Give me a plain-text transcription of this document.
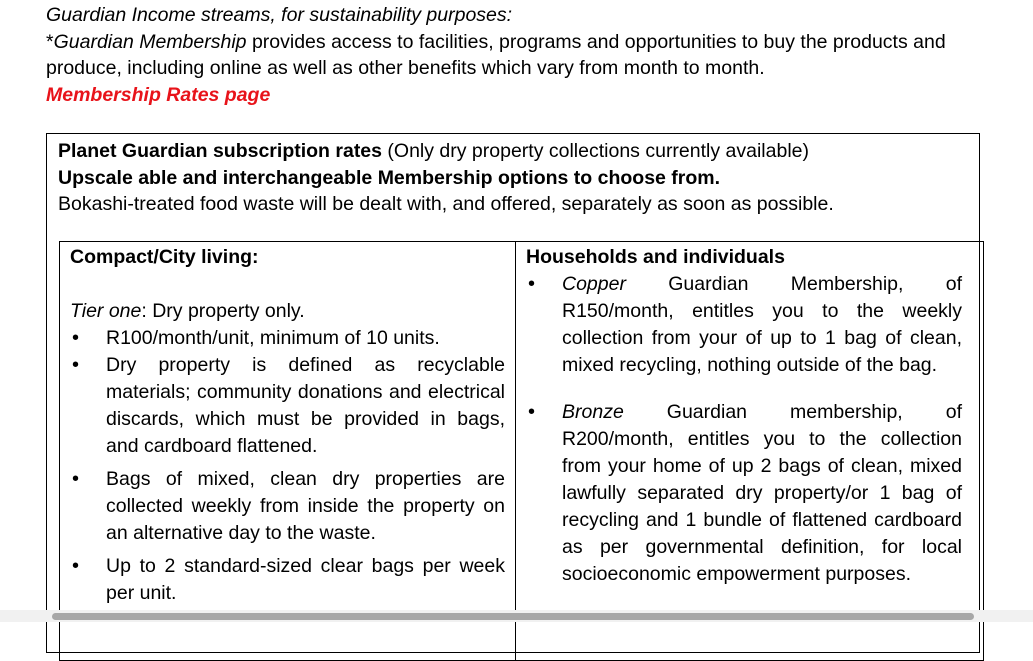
Guardian Income streams, for sustainability purposes:

*Guardian Membership provides access to facilities, programs and opportunities to buy the products and produce, including online as well as other benefits which vary from month to month.

Membership Rates page

Planet Guardian subscription rates (Only dry property collections currently available)

Upscale able and interchangeable Membership options to choose from.

Bokashi-treated food waste will be dealt with, and offered, separately as soon as possible.

Compact/City living:
Tier one: Dry property only.
• R100/month/unit, minimum of 10 units.
• Dry property is defined as recyclable materials; community donations and electrical discards, which must be provided in bags, and cardboard flattened.
• Bags of mixed, clean dry properties are collected weekly from inside the property on an alternative day to the waste.
• Up to 2 standard-sized clear bags per week per unit.
Households and individuals
• Copper Guardian Membership, of R150/month, entitles you to the weekly collection from your of up to 1 bag of clean, mixed recycling, nothing outside of the bag.
• Bronze Guardian membership, of R200/month, entitles you to the collection from your home of up 2 bags of clean, mixed lawfully separated dry property/or 1 bag of recycling and 1 bundle of flattened cardboard as per governmental definition, for local socioeconomic empowerment purposes.
